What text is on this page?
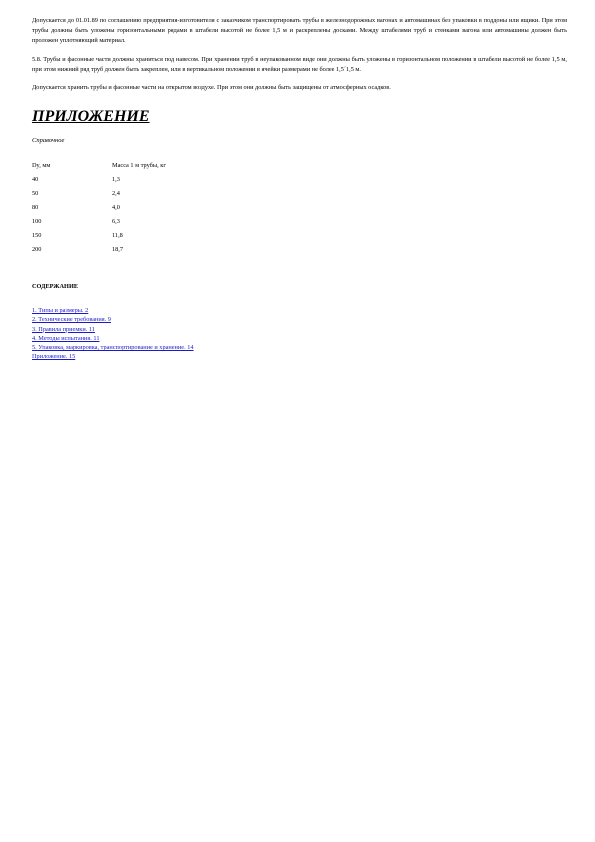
Допускается до 01.01.89 по соглашению предприятия-изготовителя с заказчиком транспортировать трубы в железнодорожных вагонах и автомашинах без упаковки в поддоны или ящики. При этом трубы должны быть уложены горизонтальными рядами в штабели высотой не более 1,5 м и раскреплены досками. Между штабелями труб и стенками вагона или автомашины должен быть проложен уплотняющий материал.

5.8. Трубы и фасонные части должны храниться под навесом. При хранении труб в неупакованном виде они должны быть уложены в горизонтальном положении в штабели высотой не более 1,5 м, при этом нижний ряд труб должен быть закреплен, или в вертикальном положении в ячейки размерами не более 1,5´1,5 м.

Допускается хранить трубы и фасонные части на открытом воздухе. При этом они должны быть защищены от атмосферных осадков.

ПРИЛОЖЕНИЕ
Справочное
Dy, мм	Масса 1 м трубы, кг
40	1,3
50	2,4
80	4,0
100	6,3
150	11,8
200	18,7
СОДЕРЖАНИЕ
1. Типы и размеры. 2
2. Технические требования. 9
3. Правила приемки. 11
4. Методы испытания. 11
5. Упаковка, маркировка, транспортирование и хранение. 14
Приложение. 15
